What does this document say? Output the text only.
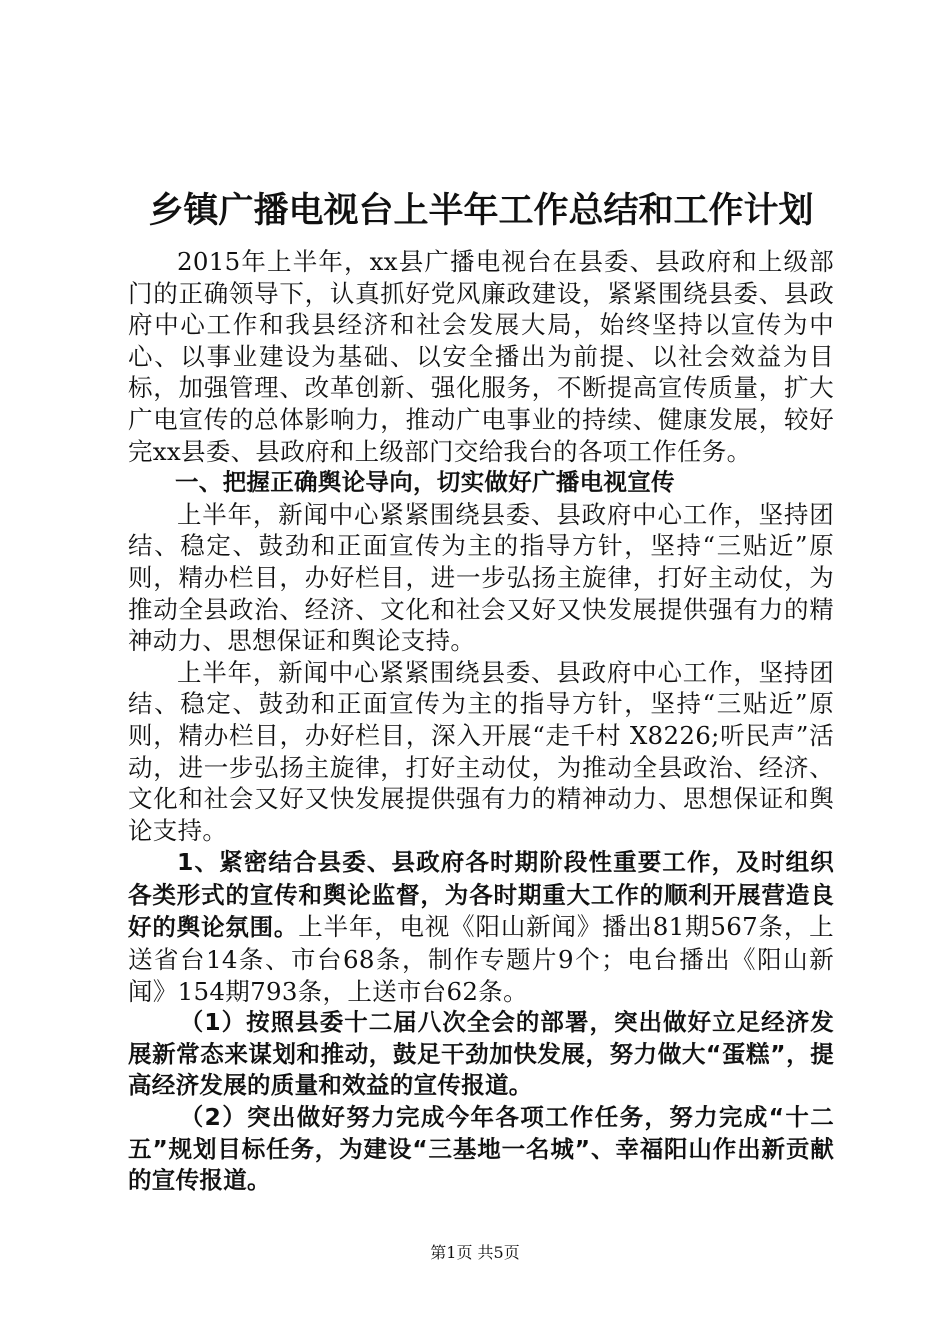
乡镇广播电视台上半年工作总结和工作计划

2015年上半年，xx县广播电视台在县委、县政府和上级部门的正确领导下，认真抓好党风廉政建设，紧紧围绕县委、县政府中心工作和我县经济和社会发展大局，始终坚持以宣传为中心、以事业建设为基础、以安全播出为前提、以社会效益为目标，加强管理、改革创新、强化服务，不断提高宣传质量，扩大广电宣传的总体影响力，推动广电事业的持续、健康发展，较好完xx县委、县政府和上级部门交给我台的各项工作任务。

一、把握正确舆论导向，切实做好广播电视宣传

上半年，新闻中心紧紧围绕县委、县政府中心工作，坚持团结、稳定、鼓劲和正面宣传为主的指导方针，坚持“三贴近”原则，精办栏目，办好栏目，进一步弘扬主旋律，打好主动仗，为推动全县政治、经济、文化和社会又好又快发展提供强有力的精神动力、思想保证和舆论支持。

上半年，新闻中心紧紧围绕县委、县政府中心工作，坚持团结、稳定、鼓劲和正面宣传为主的指导方针，坚持“三贴近”原则，精办栏目，办好栏目，深入开展“走千村 X8226;听民声”活动，进一步弘扬主旋律，打好主动仗，为推动全县政治、经济、文化和社会又好又快发展提供强有力的精神动力、思想保证和舆论支持。

1、紧密结合县委、县政府各时期阶段性重要工作，及时组织各类形式的宣传和舆论监督，为各时期重大工作的顺利开展营造良好的舆论氛围。上半年，电视《阳山新闻》播出81期567条，上送省台14条、市台68条，制作专题片9个；电台播出《阳山新闻》154期793条，上送市台62条。

（1）按照县委十二届八次全会的部署，突出做好立足经济发展新常态来谋划和推动，鼓足干劲加快发展，努力做大“蛋糕”，提高经济发展的质量和效益的宣传报道。

（2）突出做好努力完成今年各项工作任务，努力完成“十二五”规划目标任务，为建设“三基地一名城”、幸福阳山作出新贡献的宣传报道。

第1页 共5页
